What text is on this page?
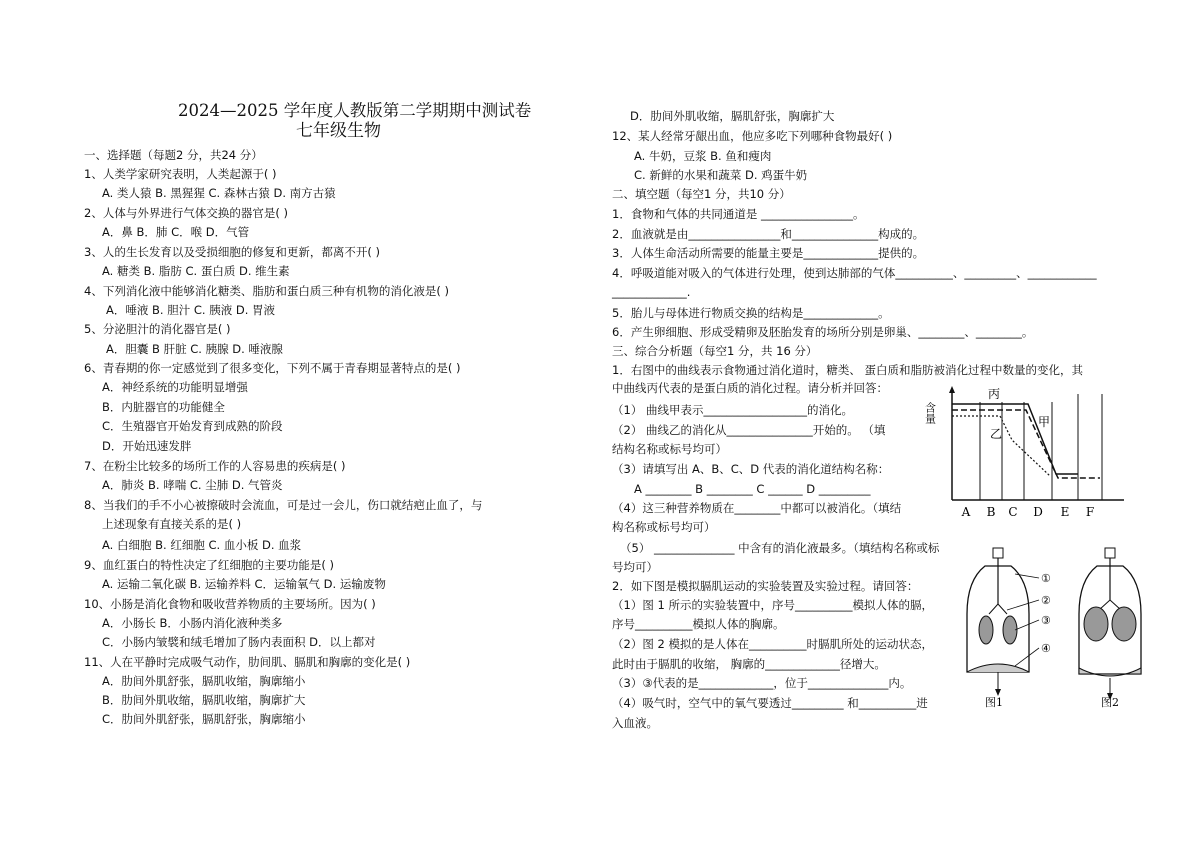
2024—2025 学年度人教版第二学期期中测试卷
七年级生物
一、选择题（每题2 分，共24 分）
1、人类学家研究表明，人类起源于( )
A. 类人猿 B. 黑猩猩 C. 森林古猿 D. 南方古猿
2、人体与外界进行气体交换的器官是( )
A．鼻 B．肺 C．喉 D．气管
3、人的生长发育以及受损细胞的修复和更新，都离不开( )
A. 糖类 B. 脂肪 C. 蛋白质 D. 维生素
4、下列消化液中能够消化糖类、脂肪和蛋白质三种有机物的消化液是( )
A．唾液 B. 胆汁 C. 胰液 D. 胃液
5、分泌胆汁的消化器官是( )
A．胆囊 B 肝脏 C. 胰腺 D. 唾液腺
6、青春期的你一定感觉到了很多变化，下列不属于青春期显著特点的是( )
A．神经系统的功能明显增强
B．内脏器官的功能健全
C．生殖器官开始发育到成熟的阶段
D．开始迅速发胖
7、在粉尘比较多的场所工作的人容易患的疾病是( )
A．肺炎 B. 哮喘 C. 尘肺 D. 气管炎
8、当我们的手不小心被擦破时会流血，可是过一会儿，伤口就结疤止血了，与
上述现象有直接关系的是( )
A. 白细胞 B. 红细胞 C. 血小板 D. 血浆
9、血红蛋白的特性决定了红细胞的主要功能是( )
A. 运输二氧化碳 B. 运输养料 C．运输氧气 D. 运输废物
10、小肠是消化食物和吸收营养物质的主要场所。因为( )
A．小肠长 B．小肠内消化液种类多
C．小肠内皱襞和绒毛增加了肠内表面积 D．以上都对
11、人在平静时完成吸气动作，肋间肌、膈肌和胸廓的变化是( )
A．肋间外肌舒张，膈肌收缩，胸廓缩小
B．肋间外肌收缩，膈肌收缩，胸廓扩大
C．肋间外肌舒张，膈肌舒张，胸廓缩小
D．肋间外肌收缩，膈肌舒张，胸廓扩大
12、某人经常牙龈出血，他应多吃下列哪种食物最好( )
A. 牛奶，豆浆 B. 鱼和瘦肉
C. 新鲜的水果和蔬菜 D. 鸡蛋牛奶
二、填空题（每空1 分，共10 分）
1．食物和气体的共同通道是 ________________。
2．血液就是由________________和_______________构成的。
3．人体生命活动所需要的能量主要是_____________提供的。
4．呼吸道能对吸入的气体进行处理，使到达肺部的气体__________、_________、____________
_____________.
5．胎儿与母体进行物质交换的结构是_____________。
6．产生卵细胞、形成受精卵及胚胎发育的场所分别是卵巢、________、________。
三、综合分析题（每空1 分，共 16 分）
1．右图中的曲线表示食物通过消化道时，糖类、 蛋白质和脂肪被消化过程中数量的变化，其
中曲线丙代表的是蛋白质的消化过程。请分析并回答：
（1） 曲线甲表示__________________的消化。
（2） 曲线乙的消化从_______________开始的。 （填
结构名称或标号均可）
（3）请填写出 A、B、C、D 代表的消化道结构名称：
A ________ B ________ C ______ D _________
（4）这三种营养物质在________中都可以被消化。（填结
构名称或标号均可）
（5） ______________ 中含有的消化液最多。（填结构名称或标
号均可）
2．如下图是模拟膈肌运动的实验装置及实验过程。请回答：
（1）图 1 所示的实验装置中，序号__________模拟人体的膈，
序号__________模拟人体的胸廓。
（2）图 2 模拟的是人体在__________时膈肌所处的运动状态，
此时由于膈肌的收缩， 胸廓的_____________径增大。
（3）③代表的是_____________，位于______________内。
（4）吸气时，空气中的氧气要透过_________ 和__________进
入血液。
含量
丙
乙
甲
A B C D E F
①
②
③
④
图1	图2
